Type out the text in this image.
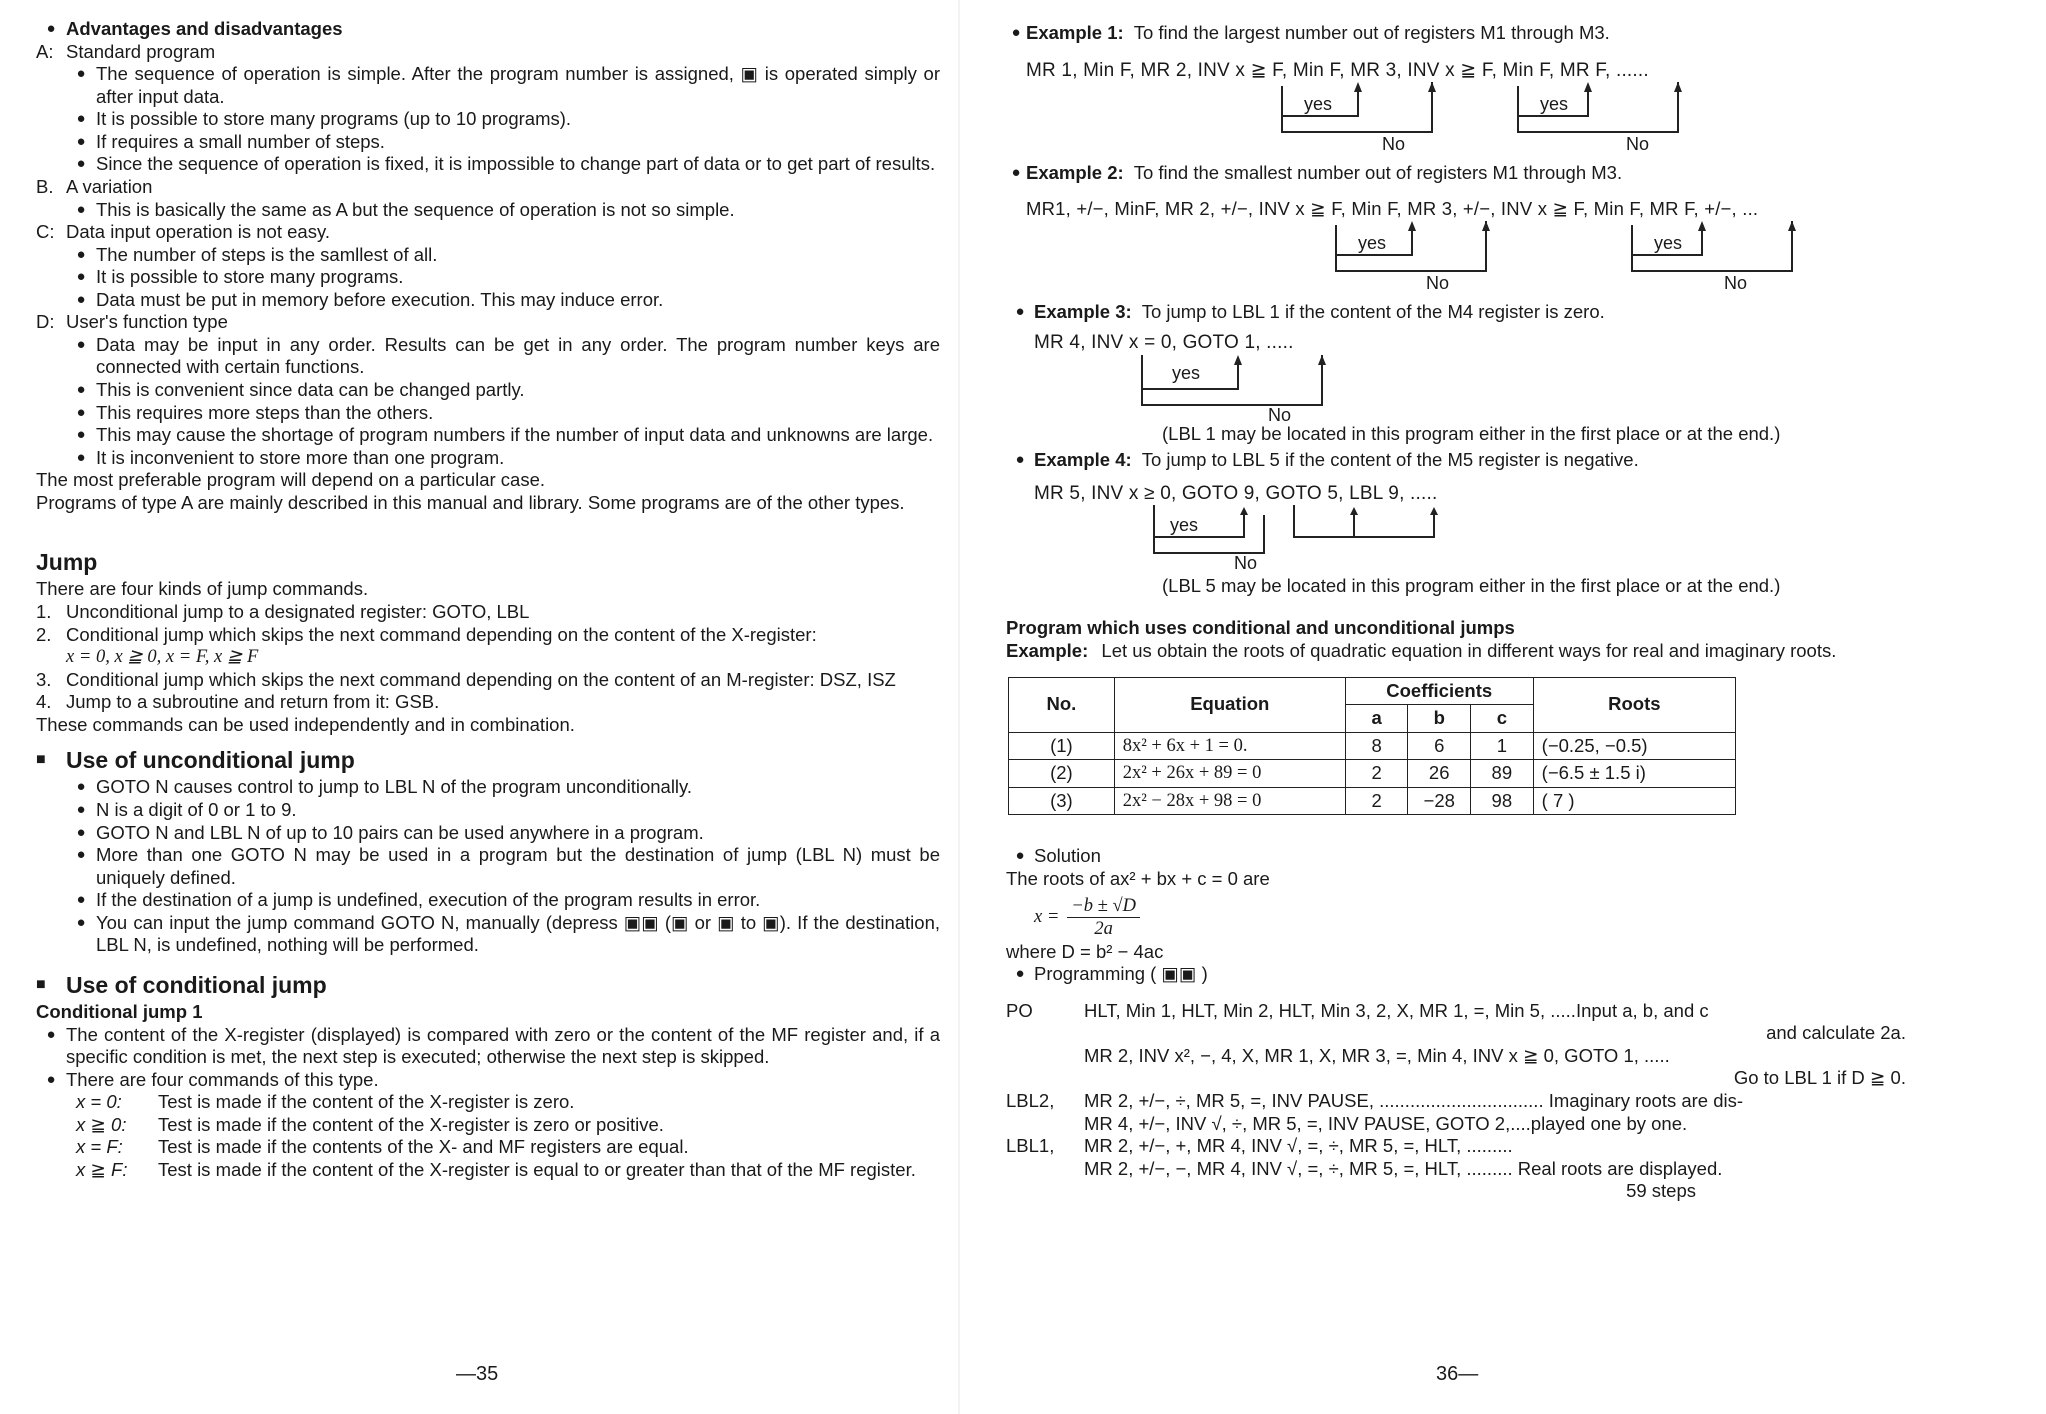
● Advantages and disadvantages
A: Standard program
● The sequence of operation is simple. After the program number is assigned, ▣ is operated simply or after input data.
● It is possible to store many programs (up to 10 programs).
● If requires a small number of steps.
● Since the sequence of operation is fixed, it is impossible to change part of data or to get part of results.
B. A variation
● This is basically the same as A but the sequence of operation is not so simple.
C: Data input operation is not easy.
● The number of steps is the samllest of all.
● It is possible to store many programs.
● Data must be put in memory before execution. This may induce error.
D: User's function type
● Data may be input in any order. Results can be get in any order. The program number keys are connected with certain functions.
● This is convenient since data can be changed partly.
● This requires more steps than the others.
● This may cause the shortage of program numbers if the number of input data and unknowns are large.
● It is inconvenient to store more than one program.

The most preferable program will depend on a particular case.

Programs of type A are mainly described in this manual and library. Some programs are of the other types.

Jump

There are four kinds of jump commands.

1. Unconditional jump to a designated register: GOTO, LBL
2. Conditional jump which skips the next command depending on the content of the X-register:
x = 0, x ≧ 0, x = F, x ≧ F
3. Conditional jump which skips the next command depending on the content of an M-register: DSZ, ISZ
4. Jump to a subroutine and return from it: GSB.

These commands can be used independently and in combination.

■ Use of unconditional jump
● GOTO N causes control to jump to LBL N of the program unconditionally.
● N is a digit of 0 or 1 to 9.
● GOTO N and LBL N of up to 10 pairs can be used anywhere in a program.
● More than one GOTO N may be used in a program but the destination of jump (LBL N) must be uniquely defined.
● If the destination of a jump is undefined, execution of the program results in error.
● You can input the jump command GOTO N, manually (depress ▣▣ (▣ or ▣ to ▣). If the destination, LBL N, is undefined, nothing will be performed.
■ Use of conditional jump
Conditional jump 1
● The content of the X-register (displayed) is compared with zero or the content of the MF register and, if a specific condition is met, the next step is executed; otherwise the next step is skipped.
● There are four commands of this type.
x = 0:	Test is made if the content of the X-register is zero.
x ≧ 0:	Test is made if the content of the X-register is zero or positive.
x = F:	Test is made if the contents of the X- and MF registers are equal.
x ≧ F:	Test is made if the content of the X-register is equal to or greater than that of the MF register.
—35
● Example 1: To find the largest number out of registers M1 through M3.
MR 1, Min F, MR 2, INV x ≧ F, Min F, MR 3, INV x ≧ F, Min F, MR F, ......
yes
No
yes
No
● Example 2: To find the smallest number out of registers M1 through M3.
MR1, +/−, MinF, MR 2, +/−, INV x ≧ F, Min F, MR 3, +/−, INV x ≧ F, Min F, MR F, +/−, ...
yes
No
yes
No
● Example 3: To jump to LBL 1 if the content of the M4 register is zero.
MR 4, INV x = 0, GOTO 1, .....
yes
No

(LBL 1 may be located in this program either in the first place or at the end.)

● Example 4: To jump to LBL 5 if the content of the M5 register is negative.
MR 5, INV x ≥ 0, GOTO 9, GOTO 5, LBL 9, .....
yes
No

(LBL 5 may be located in this program either in the first place or at the end.)

Program which uses conditional and unconditional jumps

Example: Let us obtain the roots of quadratic equation in different ways for real and imaginary roots.

No.	Equation	Coefficients			Roots
		a	b	c	
(1)	8x² + 6x + 1 = 0.	8	6	1	(−0.25, −0.5)
(2)	2x² + 26x + 89 = 0	2	26	89	(−6.5 ± 1.5 i)
(3)	2x² − 28x + 98 = 0	2	−28	98	( 7 )
● Solution
The roots of ax² + bx + c = 0 are
$x = \frac{-b \pm √D}{2a}$
where D = b² − 4ac
● Programming ( ▣▣ )
PO	HLT, Min 1, HLT, Min 2, HLT, Min 3, 2, X, MR 1, =, Min 5, .....Input a, b, and c
and calculate 2a.
MR 2, INV x², −, 4, X, MR 1, X, MR 3, =, Min 4, INV x ≧ 0, GOTO 1, .....
Go to LBL 1 if D ≧ 0.
LBL2,	MR 2, +/−, ÷, MR 5, =, INV PAUSE, ................................ Imaginary roots are dis-
MR 4, +/−, INV √, ÷, MR 5, =, INV PAUSE, GOTO 2,....played one by one.
LBL1,	MR 2, +/−, +, MR 4, INV √, =, ÷, MR 5, =, HLT, .........
MR 2, +/−, −, MR 4, INV √, =, ÷, MR 5, =, HLT, ......... Real roots are displayed.
59 steps
36—
